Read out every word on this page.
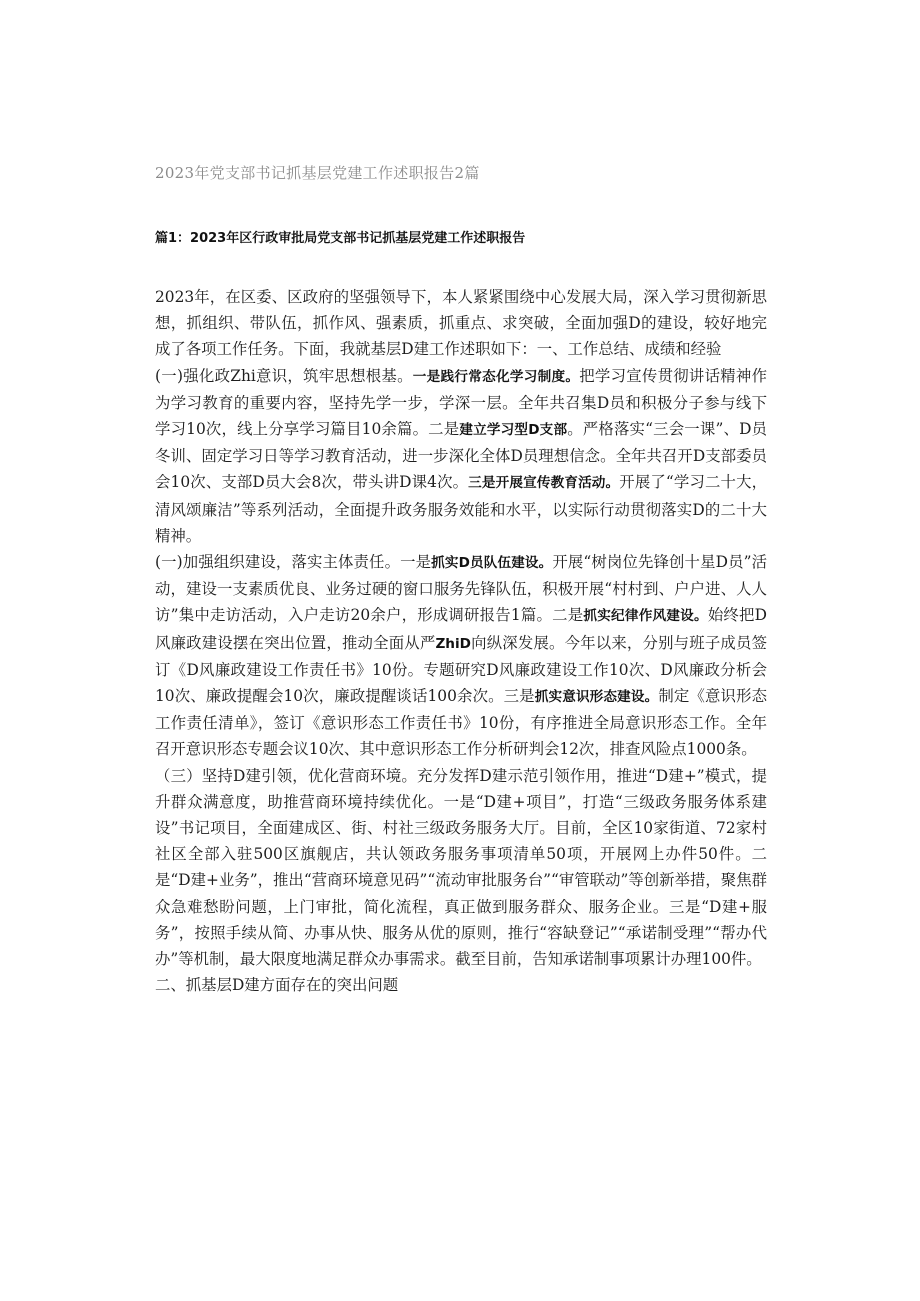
2023年党支部书记抓基层党建工作述职报告2篇
篇1：2023年区行政审批局党支部书记抓基层党建工作述职报告

2023年，在区委、区政府的坚强领导下，本人紧紧围绕中心发展大局，深入学习贯彻新思想，抓组织、带队伍，抓作风、强素质，抓重点、求突破，全面加强D的建设，较好地完成了各项工作任务。下面，我就基层D建工作述职如下：一、工作总结、成绩和经验

(一)强化政Zhi意识，筑牢思想根基。一是践行常态化学习制度。把学习宣传贯彻讲话精神作为学习教育的重要内容，坚持先学一步，学深一层。全年共召集D员和积极分子参与线下学习10次，线上分享学习篇目10余篇。二是建立学习型D支部。严格落实“三会一课”、D员冬训、固定学习日等学习教育活动，进一步深化全体D员理想信念。全年共召开D支部委员会10次、支部D员大会8次，带头讲D课4次。三是开展宣传教育活动。开展了“学习二十大，清风颂廉洁”等系列活动，全面提升政务服务效能和水平，以实际行动贯彻落实D的二十大精神。

(一)加强组织建设，落实主体责任。一是抓实D员队伍建设。开展“树岗位先锋创十星D员”活动，建设一支素质优良、业务过硬的窗口服务先锋队伍，积极开展“村村到、户户进、人人访”集中走访活动，入户走访20余户，形成调研报告1篇。二是抓实纪律作风建设。始终把D风廉政建设摆在突出位置，推动全面从严ZhiD向纵深发展。今年以来，分别与班子成员签订《D风廉政建设工作责任书》10份。专题研究D风廉政建设工作10次、D风廉政分析会10次、廉政提醒会10次，廉政提醒谈话100余次。三是抓实意识形态建设。制定《意识形态工作责任清单》，签订《意识形态工作责任书》10份，有序推进全局意识形态工作。全年召开意识形态专题会议10次、其中意识形态工作分析研判会12次，排查风险点1000条。

（三）坚持D建引领，优化营商环境。充分发挥D建示范引领作用，推进“D建+”模式，提升群众满意度，助推营商环境持续优化。一是“D建+项目”，打造“三级政务服务体系建设”书记项目，全面建成区、街、村社三级政务服务大厅。目前，全区10家街道、72家村社区全部入驻500区旗舰店，共认领政务服务事项清单50项，开展网上办件50件。二是“D建+业务”，推出“营商环境意见码”“流动审批服务台”“审管联动”等创新举措，聚焦群众急难愁盼问题，上门审批，简化流程，真正做到服务群众、服务企业。三是“D建+服务”，按照手续从简、办事从快、服务从优的原则，推行“容缺登记”“承诺制受理”“帮办代办”等机制，最大限度地满足群众办事需求。截至目前，告知承诺制事项累计办理100件。

二、抓基层D建方面存在的突出问题
